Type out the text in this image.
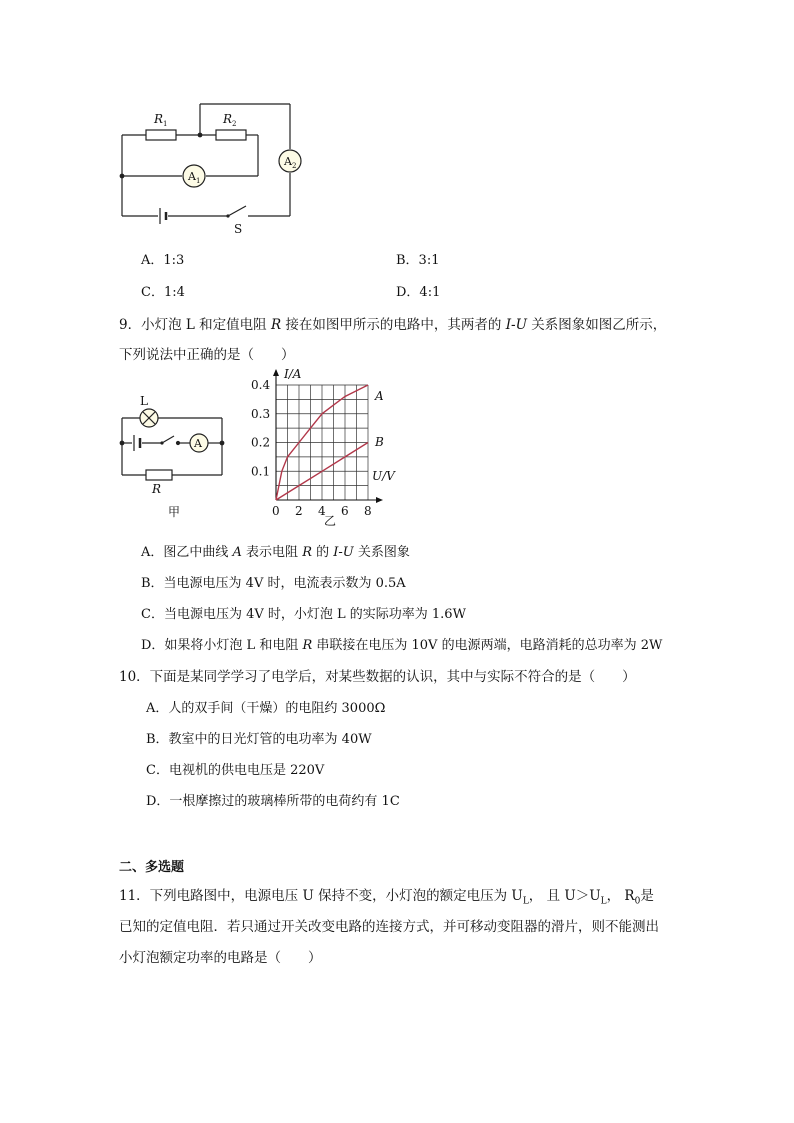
A 1
A 2
R 1	R 2
S
A．1:3	B．3:1
C．1:4	D．4:1
9．小灯泡 L 和定值电阻 R 接在如图甲所示的电路中，其两者的 I-U 关系图象如图乙所示，
下列说法中正确的是（　　）
A
L
R
甲	0 2 4 6 8
0.1
0.2
0.3
0.4
I/A
U/V
A
B
乙
A．图乙中曲线 A 表示电阻 R 的 I-U 关系图象
B．当电源电压为 4V 时，电流表示数为 0.5A
C．当电源电压为 4V 时，小灯泡 L 的实际功率为 1.6W
D．如果将小灯泡 L 和电阻 R 串联接在电压为 10V 的电源两端，电路消耗的总功率为 2W
10．下面是某同学学习了电学后，对某些数据的认识，其中与实际不符合的是（　　）
A．人的双手间（干燥）的电阻约 3000Ω
B．教室中的日光灯管的电功率为 40W
C．电视机的供电电压是 220V
D．一根摩擦过的玻璃棒所带的电荷约有 1C
二、多选题
11．下列电路图中，电源电压 U 保持不变，小灯泡的额定电压为 $U_L$， 且 $U>U_L$， $R_0$是
已知的定值电阻．若只通过开关改变电路的连接方式，并可移动变阻器的滑片，则不能测出
小灯泡额定功率的电路是（　　）
